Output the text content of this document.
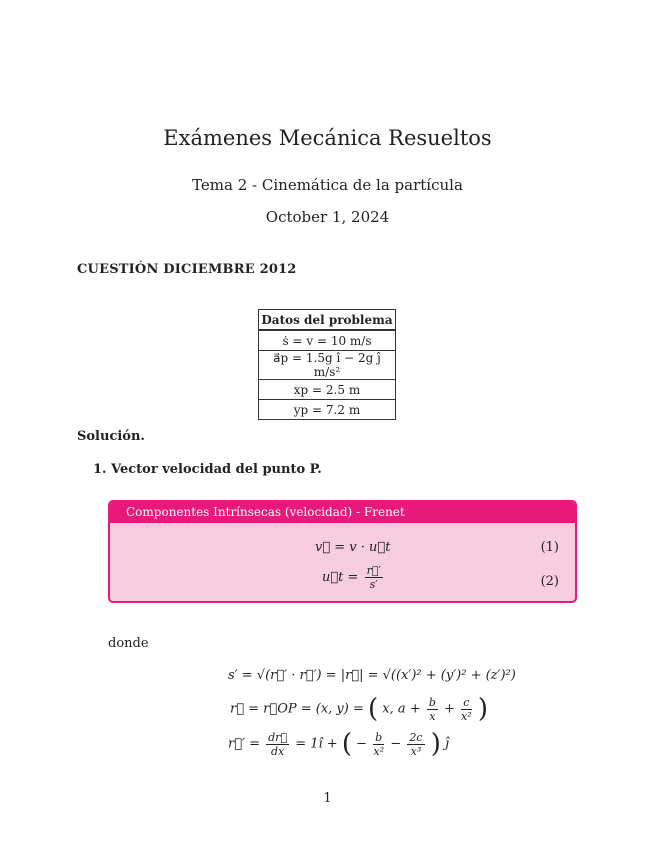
Exámenes Mecánica Resueltos
Tema 2 - Cinemática de la partícula
October 1, 2024
CUESTIÓN DICIEMBRE 2012
Datos del problema
ṡ = v = 10 m/s
a⃗p = 1.5g î − 2g ĵ m/s²
xp = 2.5 m
yp = 7.2 m
Solución.
1. Vector velocidad del punto P.
Componentes Intrínsecas (velocidad) - Frenet
v⃗ = v · u⃗t	(1)
u⃗t = $\frac{r⃗'}{s'}$	(2)
donde
s′ = √(r⃗′ · r⃗′) = |r⃗| = √((x′)² + (y′)² + (z′)²)
r⃗ = r⃗OP = (x, y) = ( x, $a + \frac{b}{x} + \frac{c}{\text{x²}}$ )
r⃗′ = $\frac{dr⃗}{dx}$ = 1î + ( − $\frac{b}{\text{x²}} - \frac{2c}{\text{x³}}$ ) ĵ
1
